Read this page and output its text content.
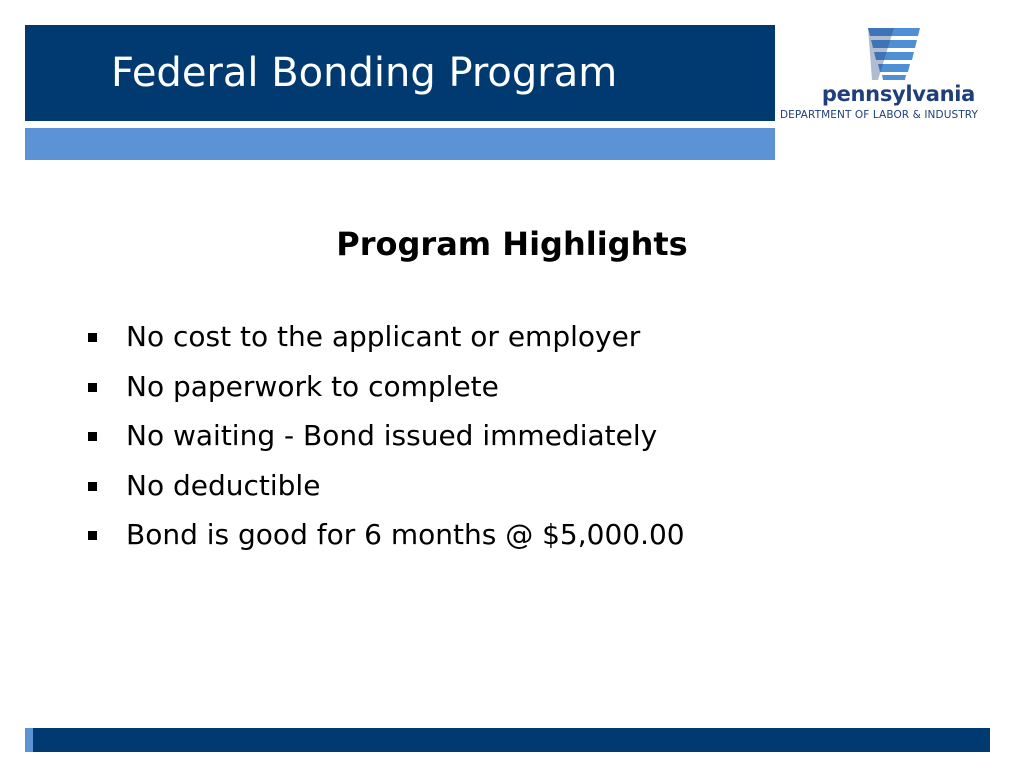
Federal Bonding Program	pennsylvania
DEPARTMENT OF LABOR & INDUSTRY
Program Highlights
No cost to the applicant or employer
No paperwork to complete
No waiting - Bond issued immediately
No deductible
Bond is good for 6 months @ $5,000.00
